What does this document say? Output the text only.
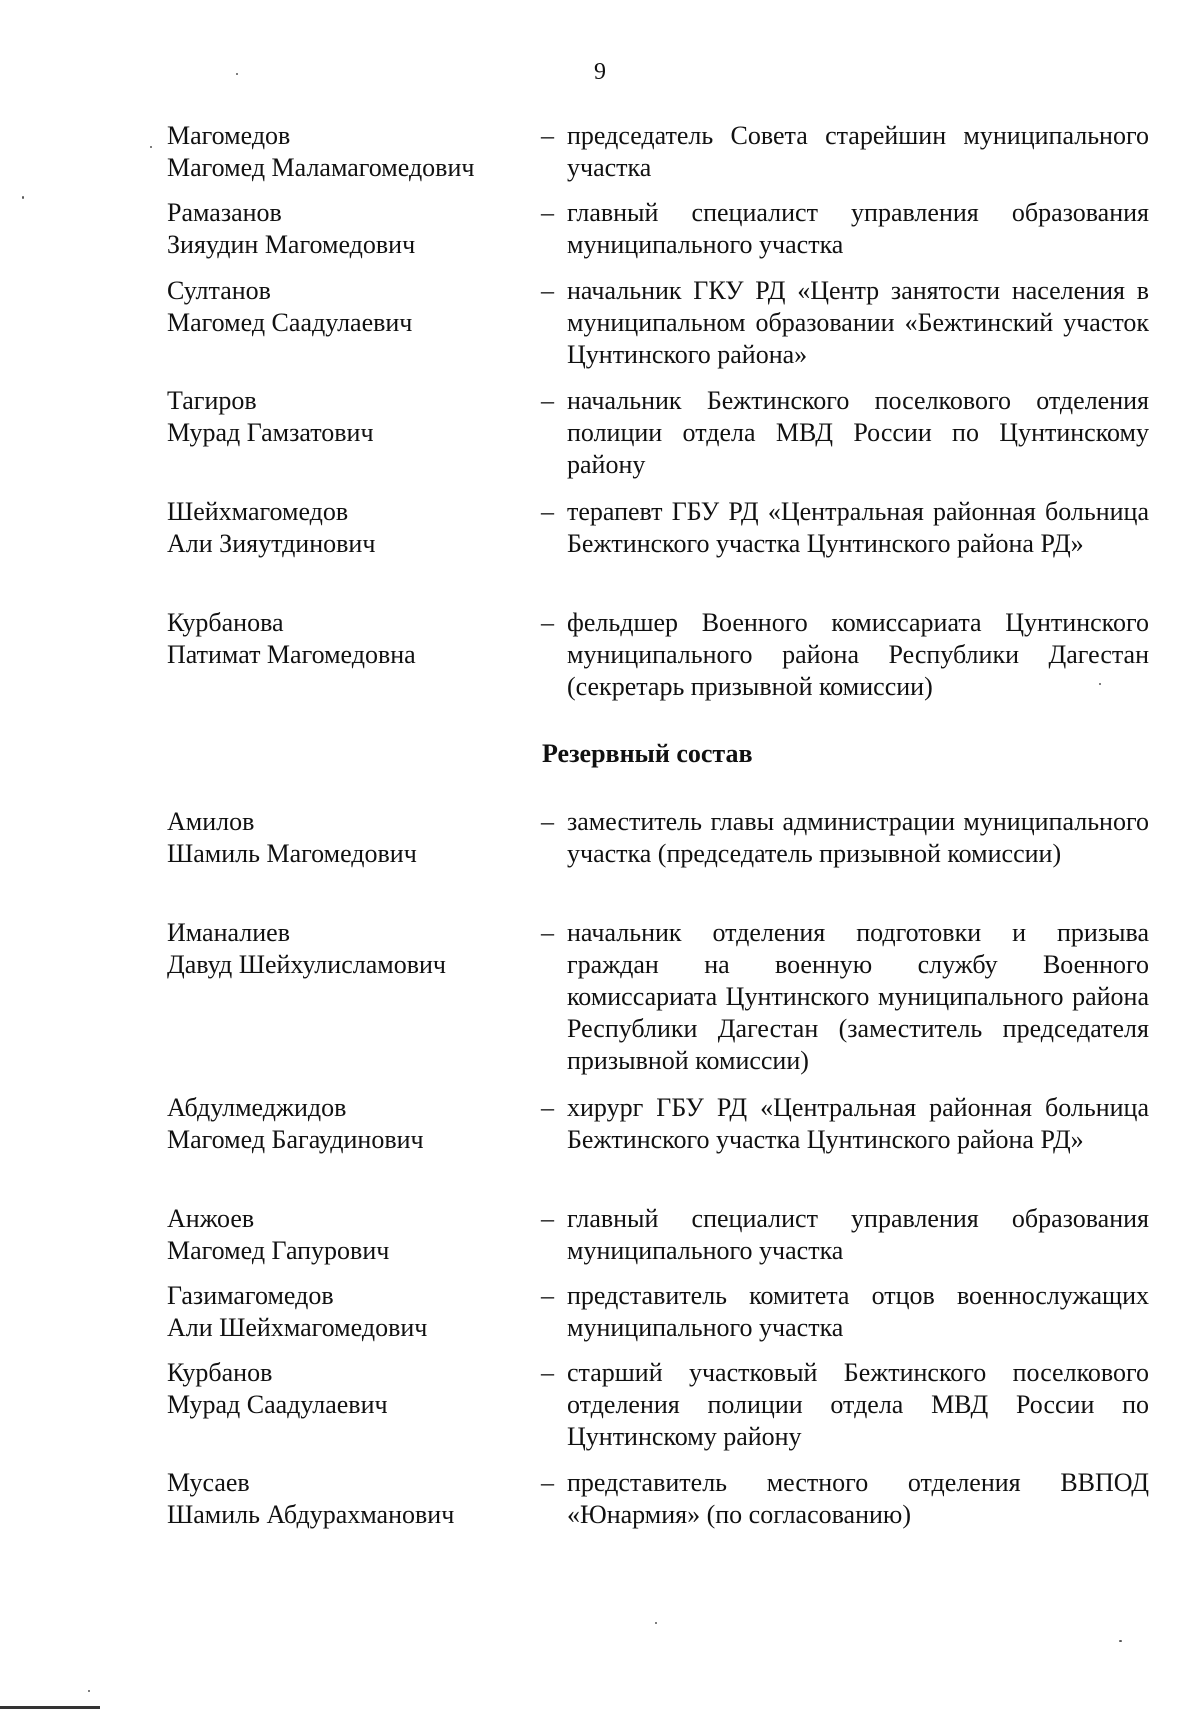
9
Магомедов
Магомед Маламагомедович
– председатель Совета старейшин муниципального участка
Рамазанов
Зияудин Магомедович
– главный специалист управления образования муниципального участка
Султанов
Магомед Саадулаевич
– начальник ГКУ РД «Центр занятости населения в муниципальном образовании «Бежтинский участок Цунтинского района»
Тагиров
Мурад Гамзатович
– начальник Бежтинского поселкового отделения полиции отдела МВД России по Цунтинскому району
Шейхмагомедов
Али Зияутдинович
– терапевт ГБУ РД «Центральная районная больница Бежтинского участка Цунтинского района РД»
Курбанова
Патимат Магомедовна
– фельдшер Военного комиссариата Цунтинского муниципального района Республики Дагестан (секретарь призывной комиссии)
Резервный состав
Амилов
Шамиль Магомедович
– заместитель главы администрации муниципального участка (председатель призывной комиссии)
Иманалиев
Давуд Шейхулисламович
– начальник отделения подготовки и призыва граждан на военную службу Военного комиссариата Цунтинского муниципального района Республики Дагестан (заместитель председателя призывной комиссии)
Абдулмеджидов
Магомед Багаудинович
– хирург ГБУ РД «Центральная районная больница Бежтинского участка Цунтинского района РД»
Анжоев
Магомед Гапурович
– главный специалист управления образования муниципального участка
Газимагомедов
Али Шейхмагомедович
– представитель комитета отцов военнослужащих муниципального участка
Курбанов
Мурад Саадулаевич
– старший участковый Бежтинского поселкового отделения полиции отдела МВД России по Цунтинскому району
Мусаев
Шамиль Абдурахманович
– представитель местного отделения ВВПОД «Юнармия» (по согласованию)
